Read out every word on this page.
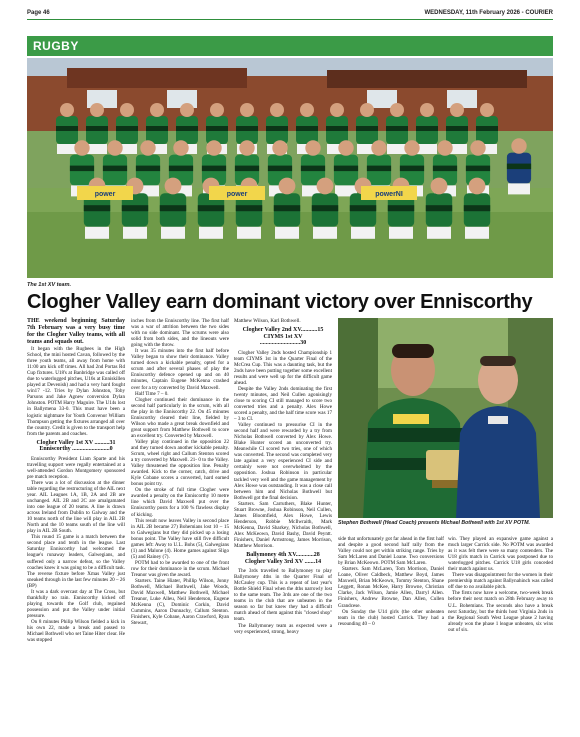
Page 46	WEDNESDAY, 11th February 2026 - COURIER
RUGBY
power	power	powerNI
The 1st XV team.
Clogher Valley earn dominant victory over Enniscorthy

THE weekend beginning Saturday 7th February was a very busy time for the Clogher Valley teams, with all teams and squads out.

It began with the Rugbees in the High School, the mini hosted Cavan, followed by the three youth teams, all away from home with 11:00 am kick off times. All had 2nd Portas Rd Cup fixtures. U18's at Banbridge was called off due to waterlogged pitches, U16s at Enniskillen played at Devenish) and had a very hard fought win17 -12. Tries by Dylan Johnston, Toby Parsons and Jake Agnew conversion Dylan Johnston. POTM Harry Maguire. The U14s lost in Ballymena 33-0. This must have been a logistic nightmare for Youth Convenor William Thompson getting the fixtures arranged all over the country. Credit is given to the transport help from the parents and coaches.

Clogher Valley 1st XV ..........31

Enniscorthy .........................0

Enniscorthy President Liam Sparte and his travelling support were regally entertained at a well-attended Gordon Montgomery sponsored pre match reception.

There was a lot of discussion at the dinner table regarding the restructuring of the AIL next year. AIL Leagues 1A, 1B, 2A and 2B are unchanged. AIL 2B and 2C are amalgamated into one league of 20 teams. A line is drawn across Ireland from Dublin to Galway and the 10 teams north of the line will play in AIL 2B North and the 10 teams south of the line will play in AIL 2B South.

This round 15 game is a match between the second place and tenth in the league. Last Saturday Enniscorthy had welcomed the league's runaway leaders, Galwegians, and suffered only a narrow defeat, so the Valley coaches knew it was going to be a difficult task. The reverse fixture before Xmas Valley just sneaked through in the last few minutes 20 – 26 (BP)

It was a dark overcast day at The Cross, but thankfully no rain. Enniscorthy kicked off playing towards the Golf club, regained possession and put the Valley under initial pressure.

On 8 minutes Philip Wilson fielded a kick in his own 22, made a break and passed to Michael Bothwell who set Taine Hiter clear. He was stopped

inches from the Enniscorthy line. The first half was a war of attrition between the two sides with no side dominant. The scrums were also solid from both sides, and the lineouts were going with the throw.

It was 35 minutes into the first half before Valley began to show their dominance. Valley turned down a kickable penalty, opted for a scrum and after several phases of play the Enniscorthy defence opened up and on 40 minutes, Captain Eugene McKenna crashed over for a try converted by David Maxwell.

Half Time 7 – 0.

Clogher continued their dominance in the second half particularly in the scrum, with all the play in the Enniscorthy 22. On 45 minutes Enniscorthy cleared their line, fielded by Wilson who made a great break downfield and great support from Matthew Bothwell to score an excellent try. Converted by Maxwell.

Valley play continued in the opposition 22 and they turned down another kickable penalty. Scrum, wheel right and Callum Stenton scored a try converted by Maxwell. 21- 0 to the Valley. Valley threatened the opposition line. Penalty awarded. Kick to the corner, catch, drive and Kyle Cobane scores a converted, hard earned bonus point try.

On the stroke of full time Clogher were awarded a penalty on the Enniscorthy 10 metre line which David Maxwell put over the Enniscorthy posts for a 100 % flawless display of kicking.

This result now leaves Valley in second place in AIL 2B became 27) Bohemians lost 10 – 15 to Galwegians but they did picked up a losing bonus point. The Valley have still five difficult games left: Away to U.L. Bohs (5), Galwegians (1) and Malone (4). Home games against Sligo (5) and Rainey (7).

POTM had to be awarded to one of the front row for their dominance in the scrum. Michael Treanor was given the award.

Starters. Taine Hiater, Phillip Wilson, Jonny Bothwell, Michael Bothwell, Jake Woods, David Maxwell, Matthew Bothwell, Michael Treanor, Luke Alleu, Neil Henderson, Eugene McKenna (C), Dominic Corkin, David Cummins, Aaron Dunnachy, Callum Stenton. Finishers, Kyle Cobane, Aaron Crawford, Ryan Stewart,

Matthew Wilson, Karl Bothwell.

Clogher Valley 2nd XV...........15

CIYMS 1st XV

...........................30

Clogher Valley 2nds hosted Championship 1 team CIYMS 1st in the Quarter Final of the McCrea Cup. This was a daunting task, but the 2nds have been putting together some excellent results and were well up for the difficult game ahead.

Despite the Valley 2nds dominating the first twenty minutes, and Neil Cullen agonisingly close to scoring CI still managed to score two converted tries and a penalty. Alex Howe scored a penalty, and the half time score was 17 – 3 to CI.

Valley continued to pressurise CI in the second half and were rewarded by a try from Nicholas Bothwell converted by Alex Howe. Blake Hunter scored an unconverted try. Meanwhile CI scored two tries, one of which was converted. The second was completed very late against a very experienced CI side and certainly were not overwhelmed by the opposition. Joshua Robinson in particular tackled very well and the game management by Alex Howe was outstanding. It was a close call between him and Nicholas Bothwell but Bothwell got the final decision.

Starters. Sam Carruthers, Blake Hunter, Stuart Browne, Joshua Robinson, Neil Cullen, James Bloomfield, Alex Howe, Lewis Henderson, Robbie McIlwraith, Mark McKenna, David Sharkey, Nicholas Bothwell, Alex McKeown, David Bashy, David Peyntt. Finishers, Daniel Armstrong, James Morrison, Matthew Morrison.

Ballymoney 4th XV............28

Clogher Valley 3rd XV .......14

The 3rds travelled to Ballymoney to play Ballymoney 4ths in the Quarter Final of McCauley cup. This is a repeat of last year's Bottle Shield Final when the 4ths narrowly lost to the same team. The 3rds are one of the two teams in the club that are unbeaten in the season so far but knew they had a difficult match ahead of them against this "closed shop" team.

The Ballymoney team as expected were a very experienced, strong, heavy

Stephen Bothwell (Head Coach) presents Michael Bothwell with 1st XV POTM.

side that unfortunately got far ahead in the first half and despite a good second half rally from the Valley could not get within striking range. Tries by Sam McLaren and Daniel Loane. Two conversions by Brian McKeown. POTM Sam McLaren.

Starters. Sam McLaren, Tom Morrison, Daniel Loane, Oliver Caldbeck, Matthew Boyd, James Maxwell, Brian McKeown, Tommy Stenton, Shane Leggett, Ronan McKee, Harry Browne, Christian Clarke, Jack Wilson, Jamie Allen, Darryl Allen. Finishers, Andrew Browne, Dan Allen, Cullen Grandcese.

On Sunday the U14 girls (the other unbeaten team in the club) hosted Carrick. They had a resounding 40 – 0

win. They played an expansive game against a much larger Carrick side. No POTM was awarded as it was felt there were so many contenders. The U18 girls match in Carrick was postponed due to waterlogged pitches. Carrick U18 girls conceded their match against us.

There was disappointment for the women in their premiership match against Ballynahinch was called off due to no available pitch.

The firsts now have a welcome, two-week break before their next match on 28th February away to U.L. Bohemians. The seconds also have a break next Saturday, but the thirds host Virginia 2nds in the Regional South West League phase 2 having already won the phase 1 league unbeaten, six wins out of six.
